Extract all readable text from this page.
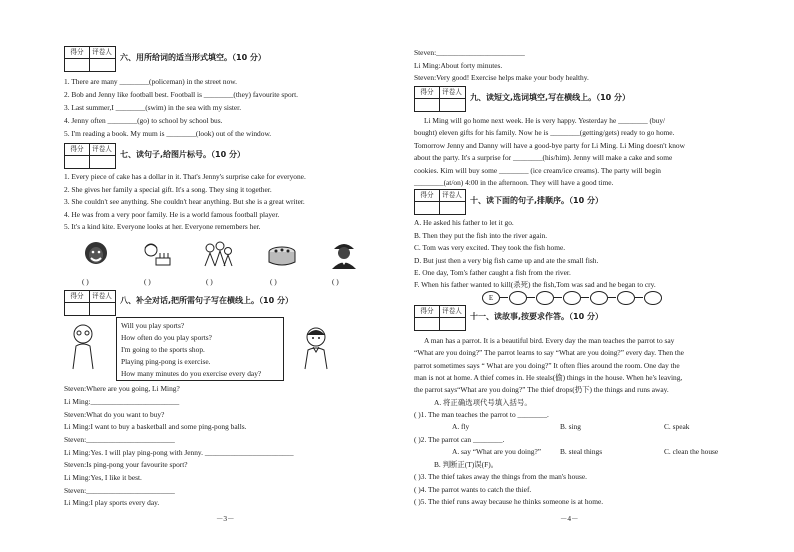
得分	评卷人
六、用所给词的适当形式填空。（10 分）
1. There are many ________(policeman) in the street now.
2. Bob and Jenny like football best. Football is ________(they) favourite sport.
3. Last summer,I ________(swim) in the sea with my sister.
4. Jenny often ________(go) to school by school bus.
5. I'm reading a book. My mum is ________(look) out of the window.
得分	评卷人
七、读句子,给图片标号。（10 分）
1. Every piece of cake has a dollar in it. That's Jenny's surprise cake for everyone.
2. She gives her family a special gift. It's a song. They sing it together.
3. She couldn't see anything. She couldn't hear anything. But she is a great writer.
4. He was from a very poor family. He is a world famous football player.
5. It's a kind kite. Everyone looks at her. Everyone remembers her.
( )	( )	( )	( )	( )
得分	评卷人 八、补全对话,把所需句子写在横线上。（10 分）
Will you play sports?
How often do you play sports?
I'm going to the sports shop.
Playing ping-pong is exercise.
How many minutes do you exercise every day?
Steven:Where are you going, Li Ming?
Li Ming:________________________
Steven:What do you want to buy?
Li Ming:I want to buy a basketball and some ping-pong balls.
Steven:________________________
Li Ming:Yes. I will play ping-pong with Jenny. ________________________
Steven:Is ping-pong your favourite sport?
Li Ming:Yes, I like it best.
Steven:________________________
Li Ming:I play sports every day.
－3－
Steven:________________________
Li Ming:About forty minutes.
Steven:Very good! Exercise helps make your body healthy.
得分	评卷人
九、读短文,选词填空,写在横线上。（10 分）
Li Ming will go home next week. He is very happy. Yesterday he ________ (buy/
bought) eleven gifts for his family. Now he is ________(getting/gets) ready to go home.
Tomorrow Jenny and Danny will have a good-bye party for Li Ming. Li Ming doesn't know
about the party. It's a surprise for ________(his/him). Jenny will make a cake and some
cookies. Kim will buy some ________ (ice cream/ice creams). The party will begin
________(at/on) 4:00 in the afternoon. They will have a good time.
得分	评卷人
十、读下面的句子,排顺序。（10 分）
A. He asked his father to let it go.
B. Then they put the fish into the river again.
C. Tom was very excited. They took the fish home.
D. But just then a very big fish came up and ate the small fish.
E. One day, Tom's father caught a fish from the river.
F. When his father wanted to kill(杀死) the fish,Tom was sad and he began to cry.
E
得分	评卷人
十一、读故事,按要求作答。（10 分）
A man has a parrot. It is a beautiful bird. Every day the man teaches the parrot to say
“What are you doing?” The parrot learns to say “What are you doing?” every day. Then the
parrot sometimes says “ What are you doing?” It often flies around the room. One day the
man is not at home. A thief comes in. He steals(偷) things in the house. When he's leaving,
the parrot says“What are you doing?” The thief drops(扔下) the things and runs away.
A. 将正确选项代号填入括号。
( )1. The man teaches the parrot to ________.
A. fly	B. sing	C. speak
( )2. The parrot can ________.
A. say “What are you doing?”	B. steal things	C. clean the house
B. 判断正(T)误(F)。
( )3. The thief takes away the things from the man's house.
( )4. The parrot wants to catch the thief.
( )5. The thief runs away because he thinks someone is at home.
－4－
